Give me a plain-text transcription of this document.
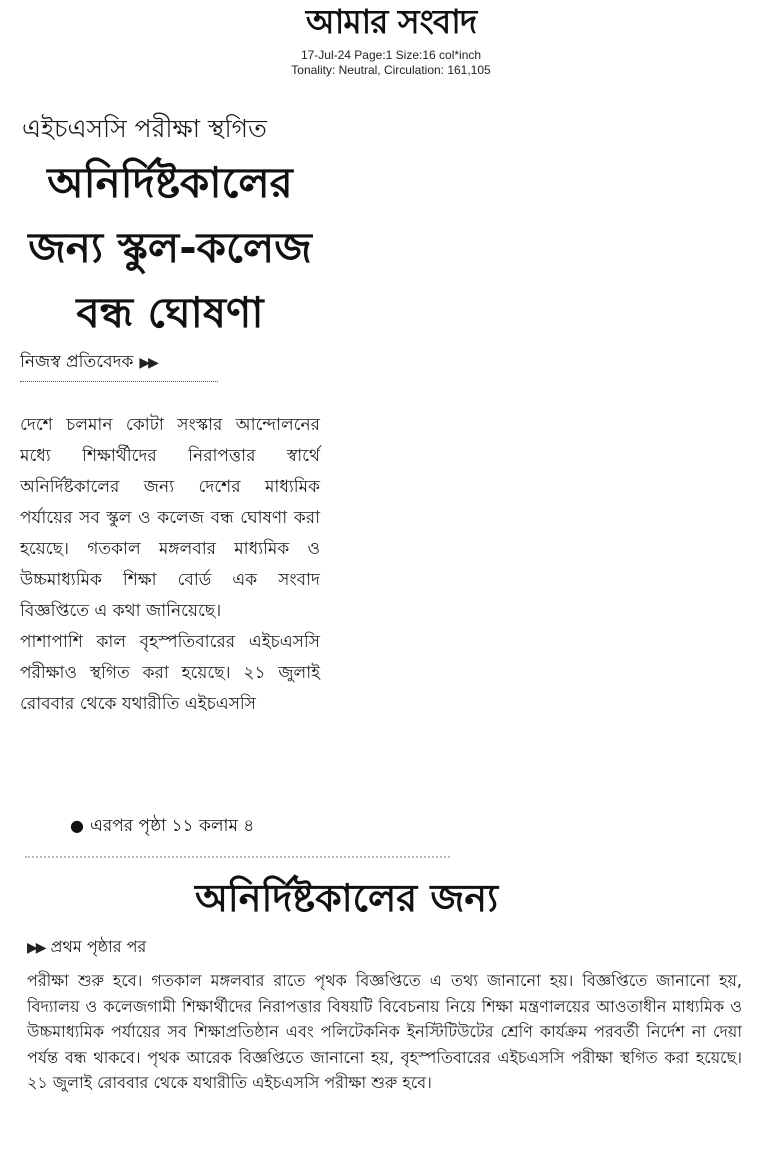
আমার সংবাদ
17-Jul-24 Page:1 Size:16 col*inch
Tonality: Neutral, Circulation: 161,105
এইচএসসি পরীক্ষা স্থগিত
অনির্দিষ্টকালের
জন্য স্কুল-কলেজ
বন্ধ ঘোষণা
নিজস্ব প্রতিবেদক ▶▶

দেশে চলমান কোটা সংস্কার আন্দোলনের মধ্যে শিক্ষার্থীদের নিরাপত্তার স্বার্থে অনির্দিষ্টকালের জন্য দেশের মাধ্যমিক পর্যায়ের সব স্কুল ও কলেজ বন্ধ ঘোষণা করা হয়েছে। গতকাল মঙ্গলবার মাধ্যমিক ও উচ্চমাধ্যমিক শিক্ষা বোর্ড এক সংবাদ বিজ্ঞপ্তিতে এ কথা জানিয়েছে।

পাশাপাশি কাল বৃহস্পতিবারের এইচএসসি পরীক্ষাও স্থগিত করা হয়েছে। ২১ জুলাই রোববার থেকে যথারীতি এইচএসসি

● এরপর পৃষ্ঠা ১১ কলাম ৪
অনির্দিষ্টকালের জন্য
▶▶ প্রথম পৃষ্ঠার পর

পরীক্ষা শুরু হবে। গতকাল মঙ্গলবার রাতে পৃথক বিজ্ঞপ্তিতে এ তথ্য জানানো হয়। বিজ্ঞপ্তিতে জানানো হয়, বিদ্যালয় ও কলেজগামী শিক্ষার্থীদের নিরাপত্তার বিষয়টি বিবেচনায় নিয়ে শিক্ষা মন্ত্রণালয়ের আওতাধীন মাধ্যমিক ও উচ্চমাধ্যমিক পর্যায়ের সব শিক্ষাপ্রতিষ্ঠান এবং পলিটেকনিক ইনস্টিটিউটের শ্রেণি কার্যক্রম পরবর্তী নির্দেশ না দেয়া পর্যন্ত বন্ধ থাকবে। পৃথক আরেক বিজ্ঞপ্তিতে জানানো হয়, বৃহস্পতিবারের এইচএসসি পরীক্ষা স্থগিত করা হয়েছে। ২১ জুলাই রোববার থেকে যথারীতি এইচএসসি পরীক্ষা শুরু হবে।
